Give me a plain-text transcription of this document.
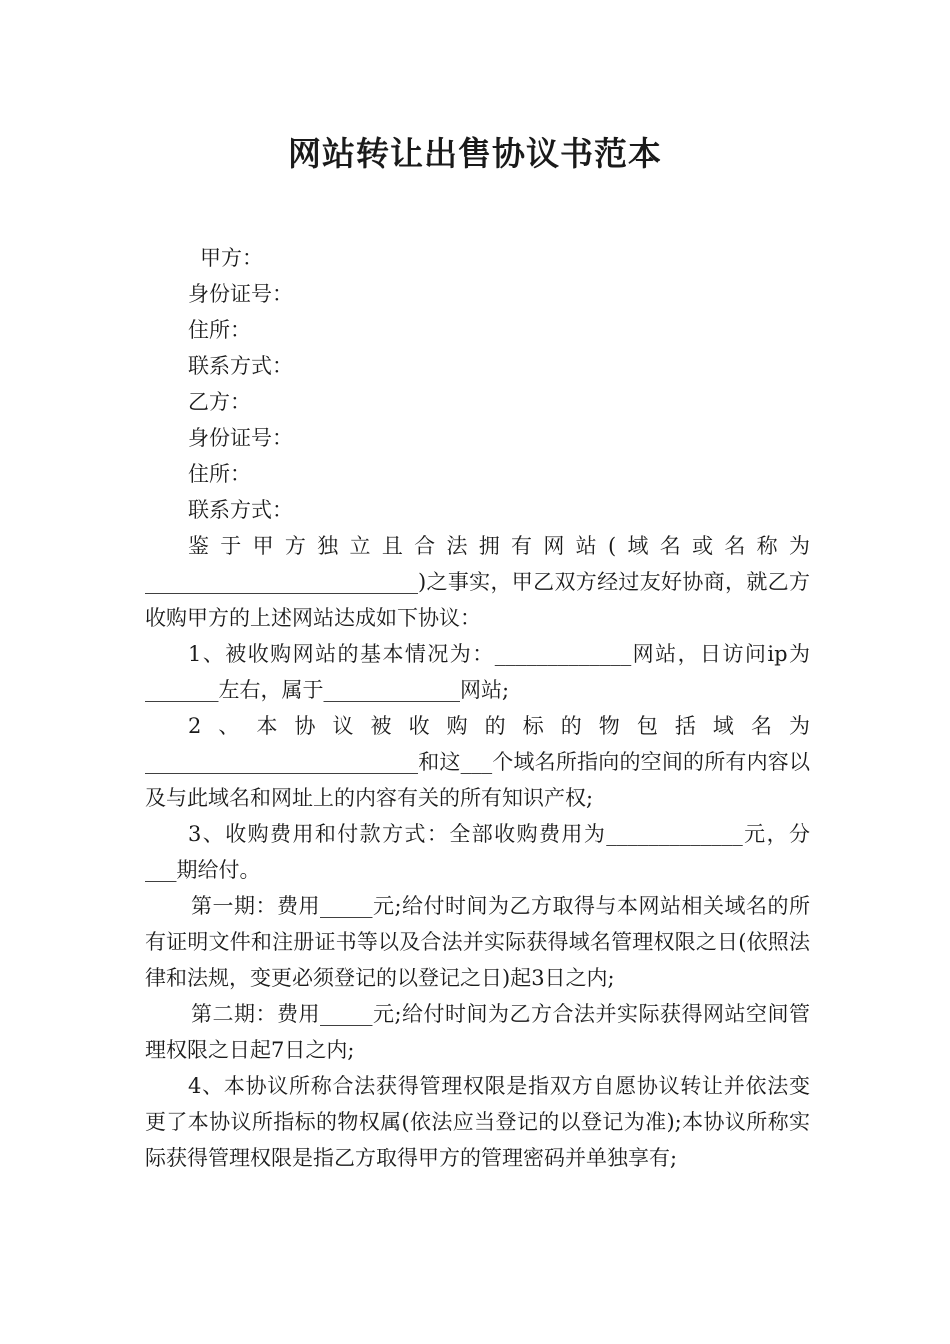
网站转让出售协议书范本

甲方：

身份证号：

住所：

联系方式：

乙方：

身份证号：

住所：

联系方式：

鉴于甲方独立且合法拥有网站(域名或名称为__________________________)之事实，甲乙双方经过友好协商，就乙方收购甲方的上述网站达成如下协议：

1、被收购网站的基本情况为：_____________网站，日访问ip为_______左右，属于_____________网站;

2、本协议被收购的标的物包括域名为__________________________和这___个域名所指向的空间的所有内容以及与此域名和网址上的内容有关的所有知识产权;

3、收购费用和付款方式：全部收购费用为_____________元，分___期给付。

第一期：费用_____元;给付时间为乙方取得与本网站相关域名的所有证明文件和注册证书等以及合法并实际获得域名管理权限之日(依照法律和法规，变更必须登记的以登记之日)起3日之内;

第二期：费用_____元;给付时间为乙方合法并实际获得网站空间管理权限之日起7日之内;

4、本协议所称合法获得管理权限是指双方自愿协议转让并依法变更了本协议所指标的物权属(依法应当登记的以登记为准);本协议所称实际获得管理权限是指乙方取得甲方的管理密码并单独享有;
